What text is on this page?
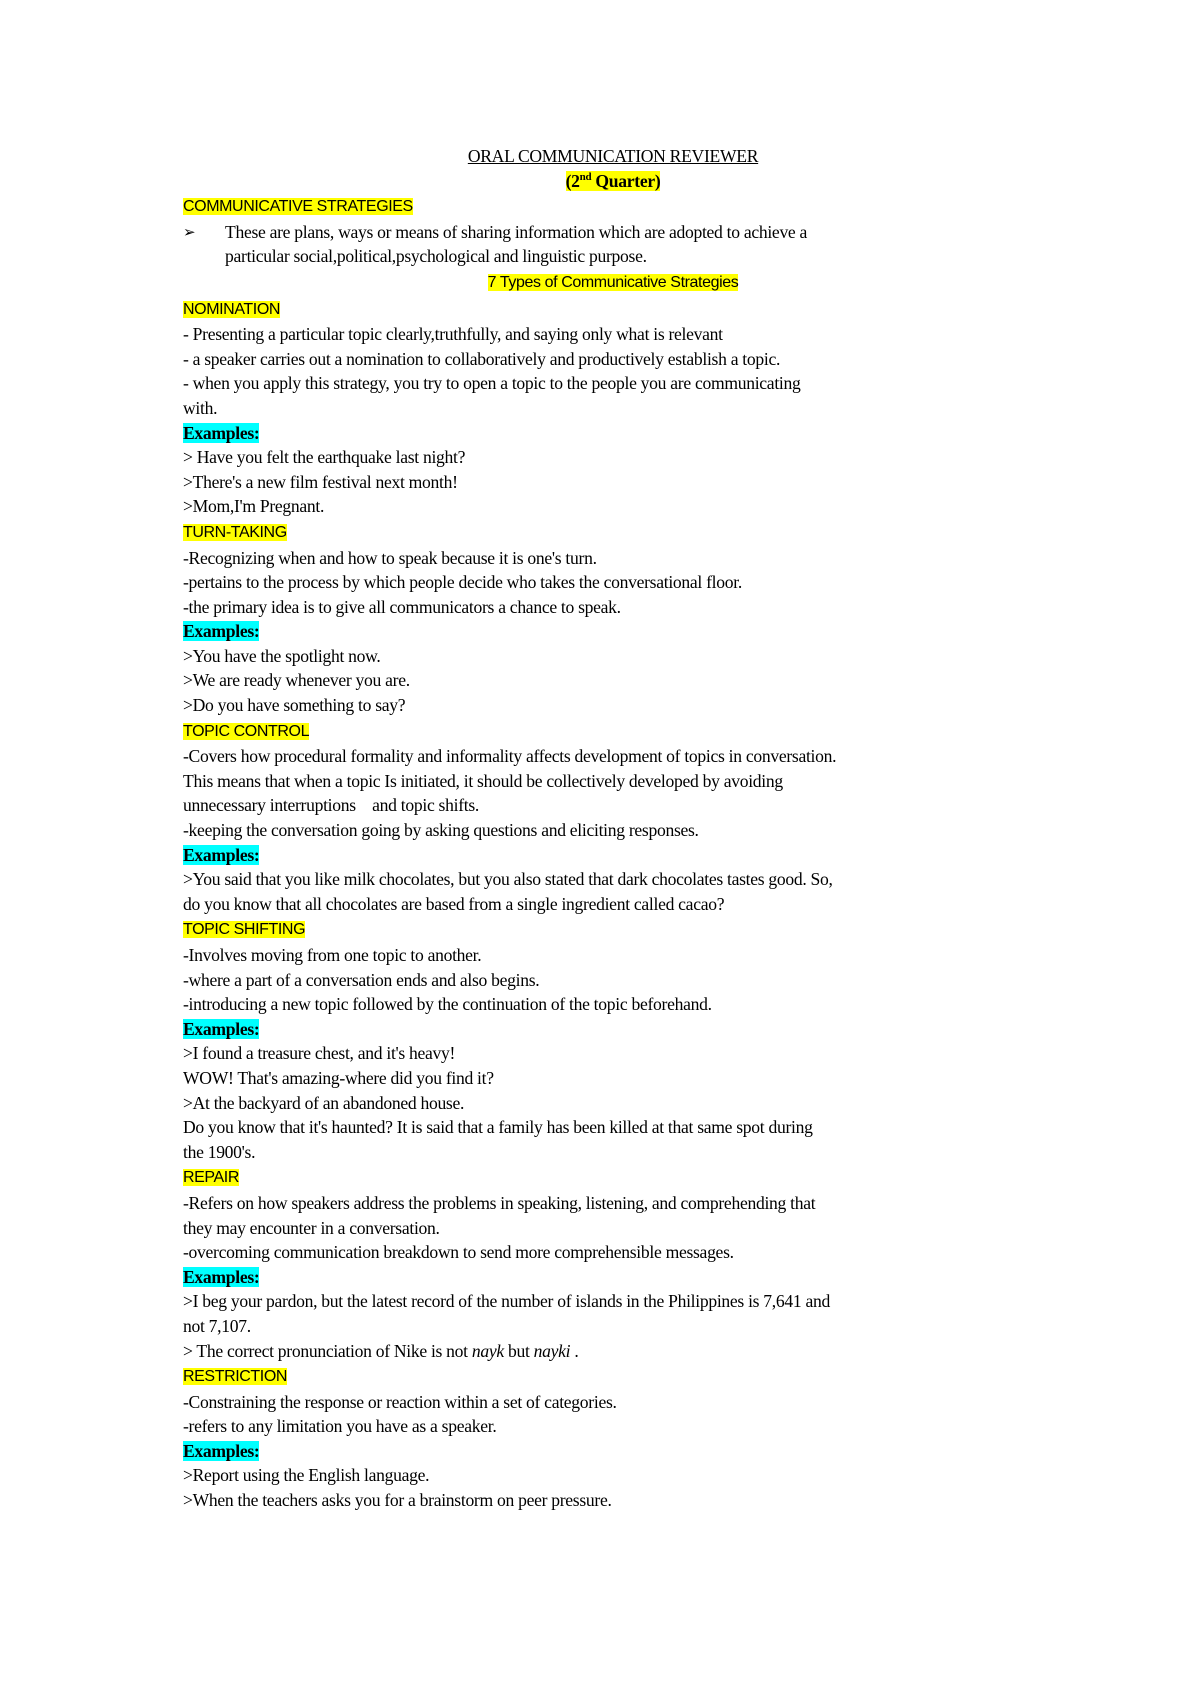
ORAL COMMUNICATION REVIEWER
(2nd Quarter)
COMMUNICATIVE STRATEGIES
➢	These are plans, ways or means of sharing information which are adopted to achieve a
particular social,political,psychological and linguistic purpose.
7 Types of Communicative Strategies
NOMINATION
- Presenting a particular topic clearly,truthfully, and saying only what is relevant
- a speaker carries out a nomination to collaboratively and productively establish a topic.
- when you apply this strategy, you try to open a topic to the people you are communicating
with.
Examples:
> Have you felt the earthquake last night?
>There's a new film festival next month!
>Mom,I'm Pregnant.
TURN-TAKING
-Recognizing when and how to speak because it is one's turn.
-pertains to the process by which people decide who takes the conversational floor.
-the primary idea is to give all communicators a chance to speak.
Examples:
>You have the spotlight now.
>We are ready whenever you are.
>Do you have something to say?
TOPIC CONTROL
-Covers how procedural formality and informality affects development of topics in conversation.
This means that when a topic Is initiated, it should be collectively developed by avoiding
unnecessary interruptions    and topic shifts.
-keeping the conversation going by asking questions and eliciting responses.
Examples:
>You said that you like milk chocolates, but you also stated that dark chocolates tastes good. So,
do you know that all chocolates are based from a single ingredient called cacao?
TOPIC SHIFTING
-Involves moving from one topic to another.
-where a part of a conversation ends and also begins.
-introducing a new topic followed by the continuation of the topic beforehand.
Examples:
>I found a treasure chest, and it's heavy!
WOW! That's amazing-where did you find it?
>At the backyard of an abandoned house.
Do you know that it's haunted? It is said that a family has been killed at that same spot during
the 1900's.
REPAIR
-Refers on how speakers address the problems in speaking, listening, and comprehending that
they may encounter in a conversation.
-overcoming communication breakdown to send more comprehensible messages.
Examples:
>I beg your pardon, but the latest record of the number of islands in the Philippines is 7,641 and
not 7,107.
> The correct pronunciation of Nike is not nayk but nayki .
RESTRICTION
-Constraining the response or reaction within a set of categories.
-refers to any limitation you have as a speaker.
Examples:
>Report using the English language.
>When the teachers asks you for a brainstorm on peer pressure.
